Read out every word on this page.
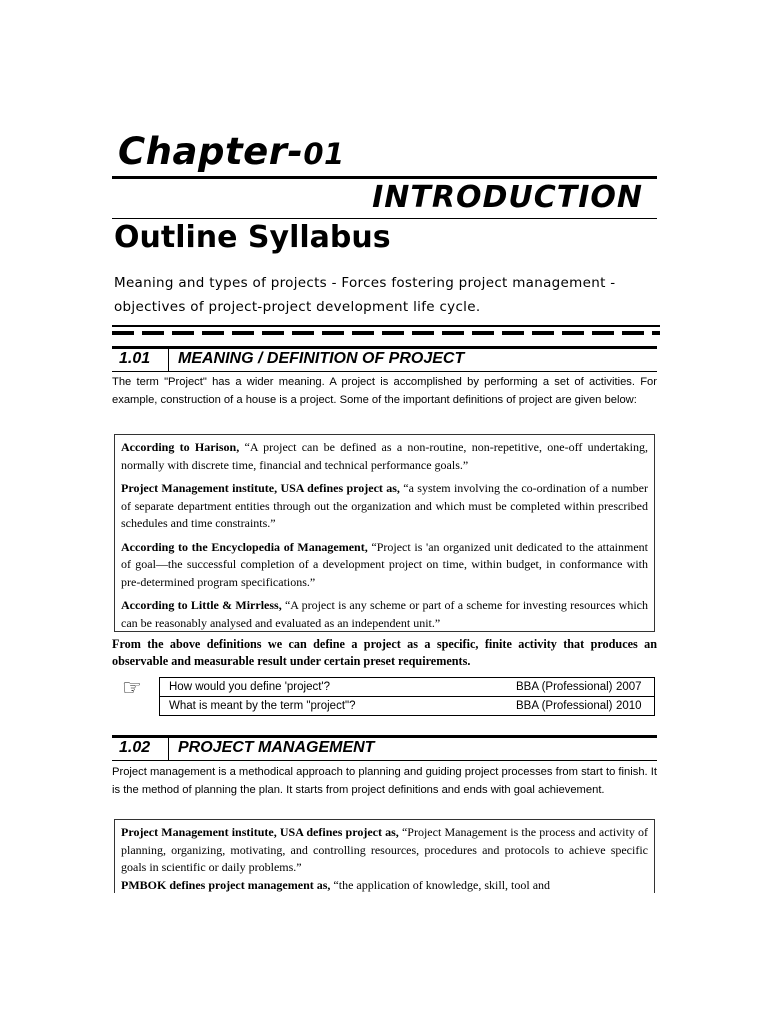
Chapter-01
INTRODUCTION
Outline Syllabus
Meaning and types of projects - Forces fostering project management - objectives of project-project development life cycle.
1.01 MEANING / DEFINITION OF PROJECT
The term "Project" has a wider meaning. A project is accomplished by performing a set of activities. For example, construction of a house is a project. Some of the important definitions of project are given below:

According to Harison, “A project can be defined as a non-routine, non-repetitive, one-off undertaking, normally with discrete time, financial and technical performance goals.”

Project Management institute, USA defines project as, “a system involving the co-ordination of a number of separate department entities through out the organization and which must be completed within prescribed schedules and time constraints.”

According to the Encyclopedia of Management, “Project is 'an organized unit dedicated to the attainment of goal—the successful completion of a development project on time, within budget, in conformance with pre-determined program specifications.”

According to Little & Mirrless, “A project is any scheme or part of a scheme for investing resources which can be reasonably analysed and evaluated as an independent unit.”

From the above definitions we can define a project as a specific, finite activity that produces an observable and measurable result under certain preset requirements.
☞ How would you define 'project'?	BBA (Professional)	2007
What is meant by the term "project"?	BBA (Professional)	2010
1.02 PROJECT MANAGEMENT
Project management is a methodical approach to planning and guiding project processes from start to finish. It is the method of planning the plan. It starts from project definitions and ends with goal achievement.

Project Management institute, USA defines project as, “Project Management is the process and activity of planning, organizing, motivating, and controlling resources, procedures and protocols to achieve specific goals in scientific or daily problems.”

PMBOK defines project management as, “the application of knowledge, skill, tool and
